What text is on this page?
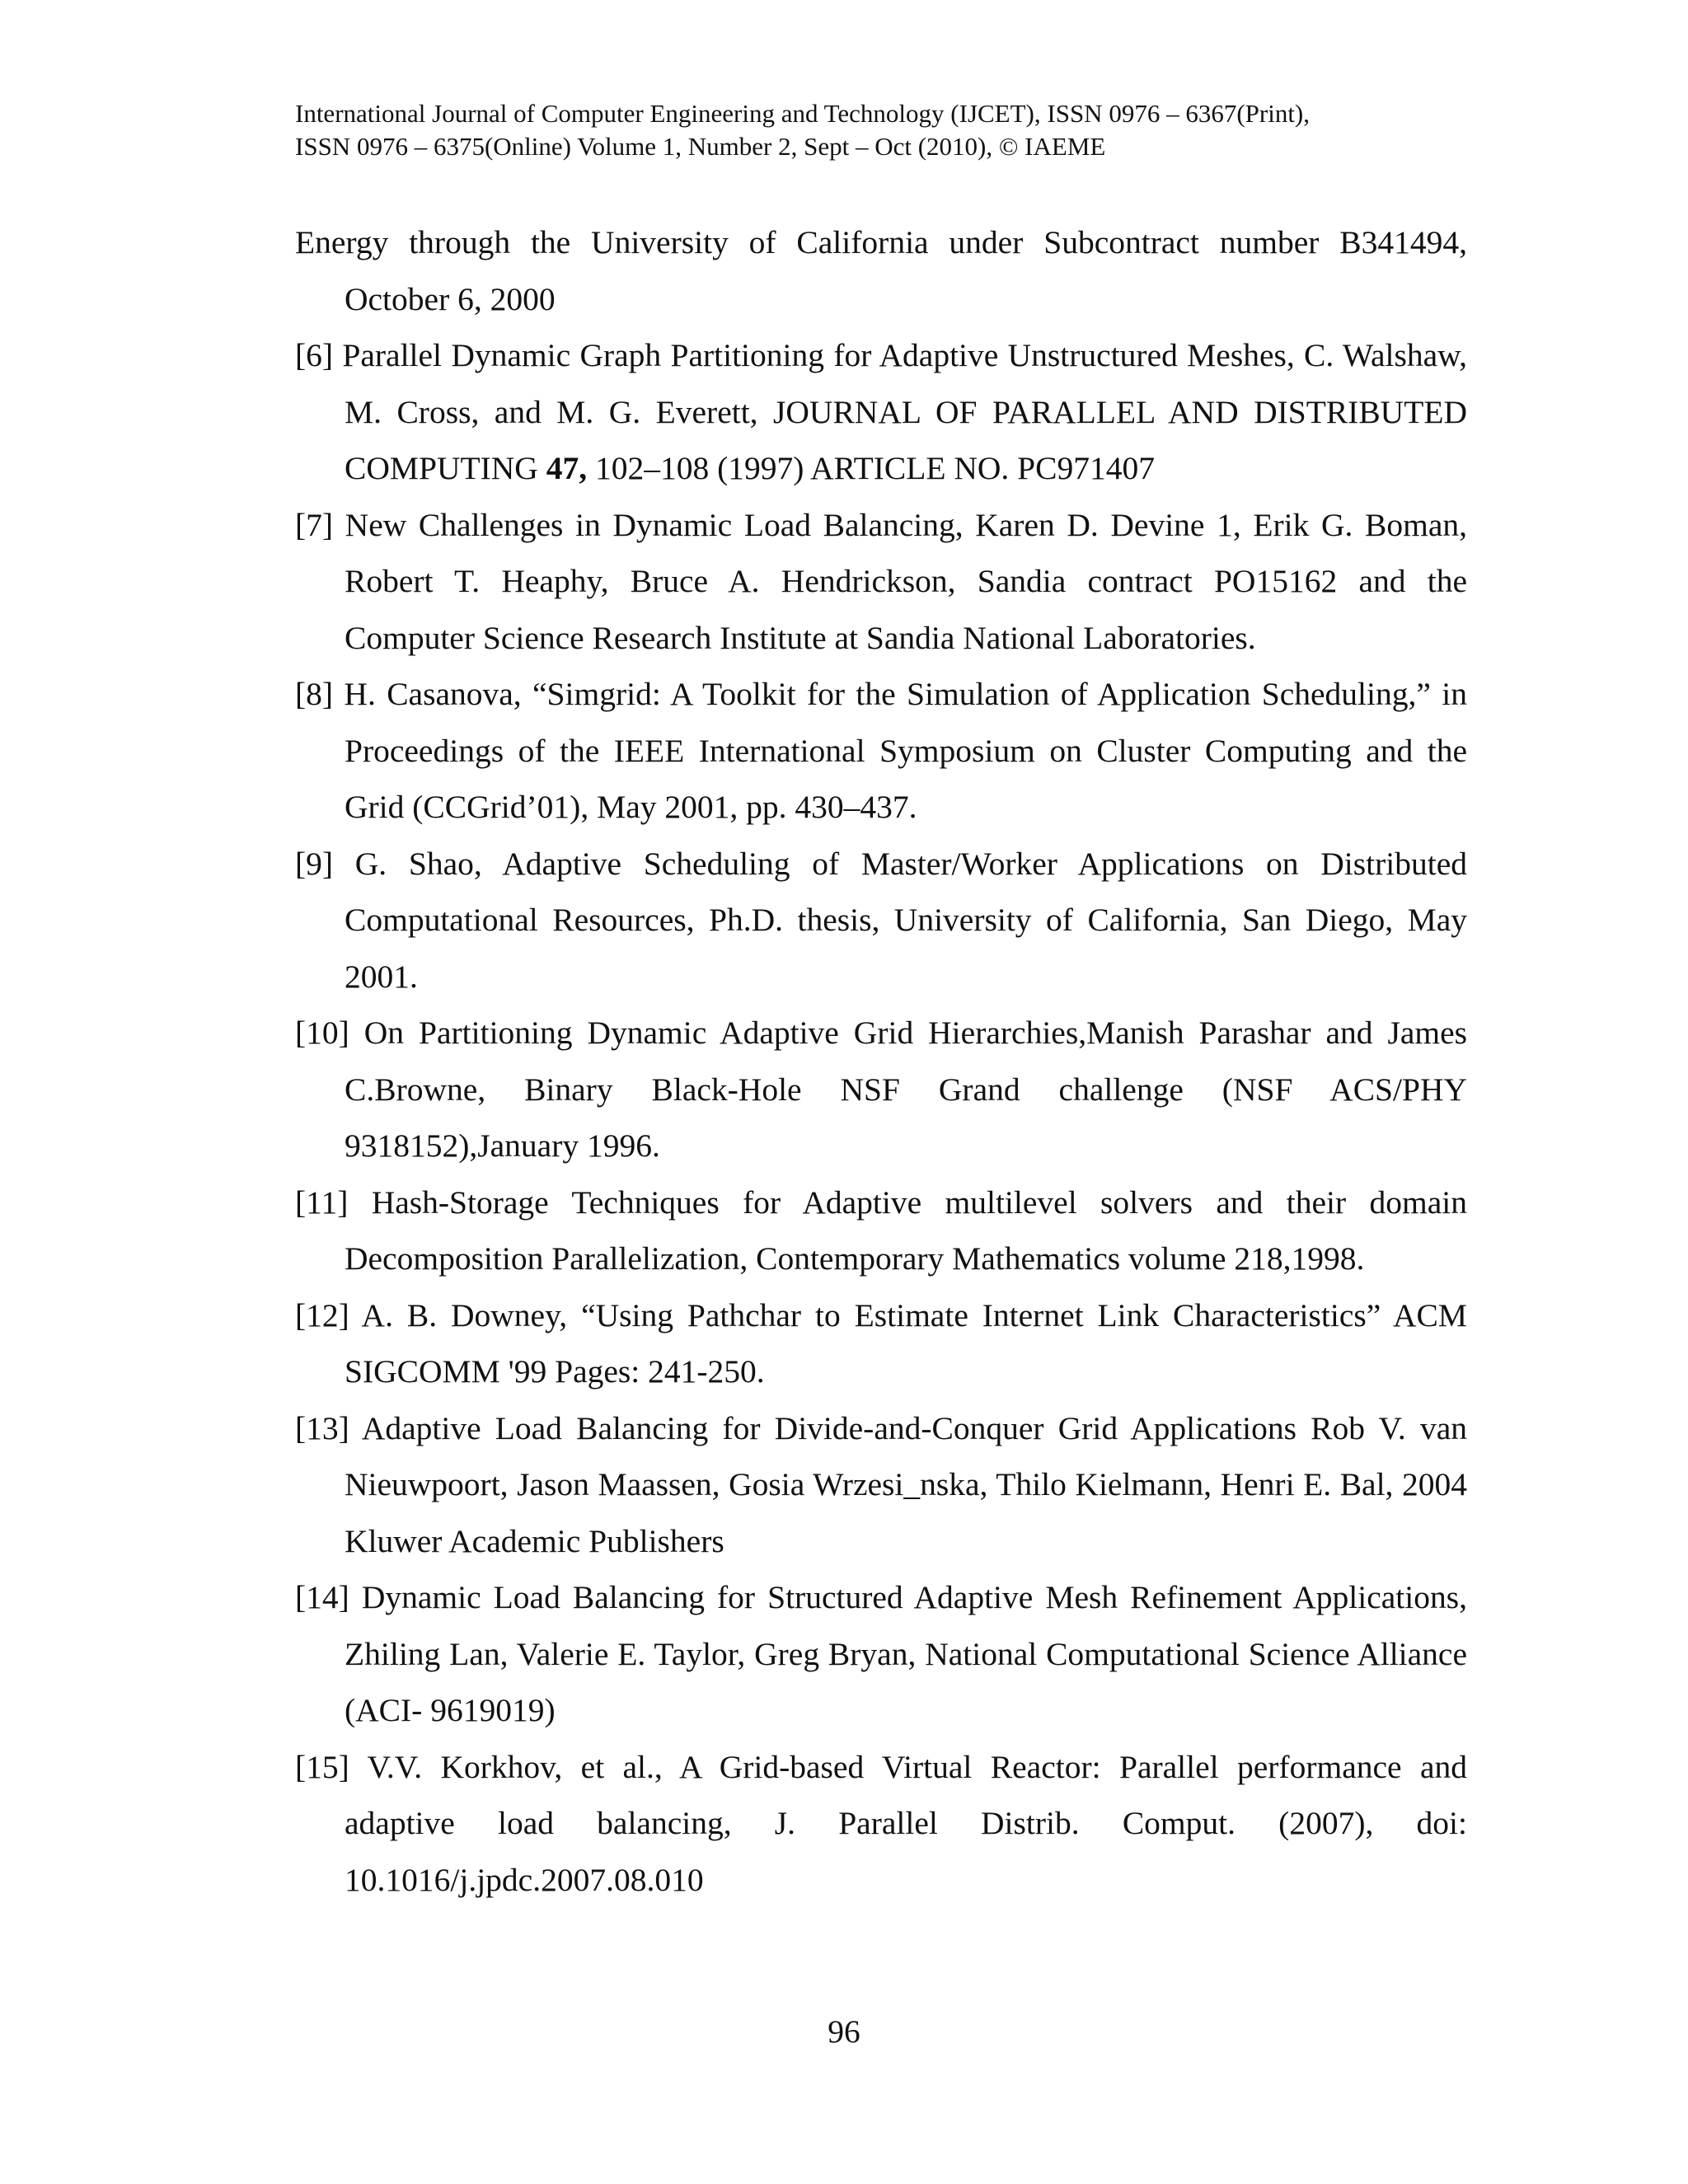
International Journal of Computer Engineering and Technology (IJCET), ISSN 0976 – 6367(Print),
ISSN 0976 – 6375(Online) Volume 1, Number 2, Sept – Oct (2010), © IAEME

Energy through the University of California under Subcontract number B341494, October 6, 2000

[6] Parallel Dynamic Graph Partitioning for Adaptive Unstructured Meshes, C. Walshaw, M. Cross, and M. G. Everett, JOURNAL OF PARALLEL AND DISTRIBUTED COMPUTING 47, 102–108 (1997) ARTICLE NO. PC971407

[7] New Challenges in Dynamic Load Balancing, Karen D. Devine 1, Erik G. Boman, Robert T. Heaphy, Bruce A. Hendrickson, Sandia contract PO15162 and the Computer Science Research Institute at Sandia National Laboratories.

[8] H. Casanova, “Simgrid: A Toolkit for the Simulation of Application Scheduling,” in Proceedings of the IEEE International Symposium on Cluster Computing and the Grid (CCGrid’01), May 2001, pp. 430–437.

[9] G. Shao, Adaptive Scheduling of Master/Worker Applications on Distributed Computational Resources, Ph.D. thesis, University of California, San Diego, May 2001.

[10] On Partitioning Dynamic Adaptive Grid Hierarchies,Manish Parashar and James C.Browne, Binary Black-Hole NSF Grand challenge (NSF ACS/PHY 9318152),January 1996.

[11] Hash-Storage Techniques for Adaptive multilevel solvers and their domain Decomposition Parallelization, Contemporary Mathematics volume 218,1998.

[12] A. B. Downey, “Using Pathchar to Estimate Internet Link Characteristics” ACM SIGCOMM '99 Pages: 241-250.

[13] Adaptive Load Balancing for Divide-and-Conquer Grid Applications Rob V. van Nieuwpoort, Jason Maassen, Gosia Wrzesi_nska, Thilo Kielmann, Henri E. Bal, 2004 Kluwer Academic Publishers

[14] Dynamic Load Balancing for Structured Adaptive Mesh Refinement Applications, Zhiling Lan, Valerie E. Taylor, Greg Bryan, National Computational Science Alliance (ACI- 9619019)

[15] V.V. Korkhov, et al., A Grid-based Virtual Reactor: Parallel performance and adaptive load balancing, J. Parallel Distrib. Comput. (2007), doi: 10.1016/j.jpdc.2007.08.010

96
